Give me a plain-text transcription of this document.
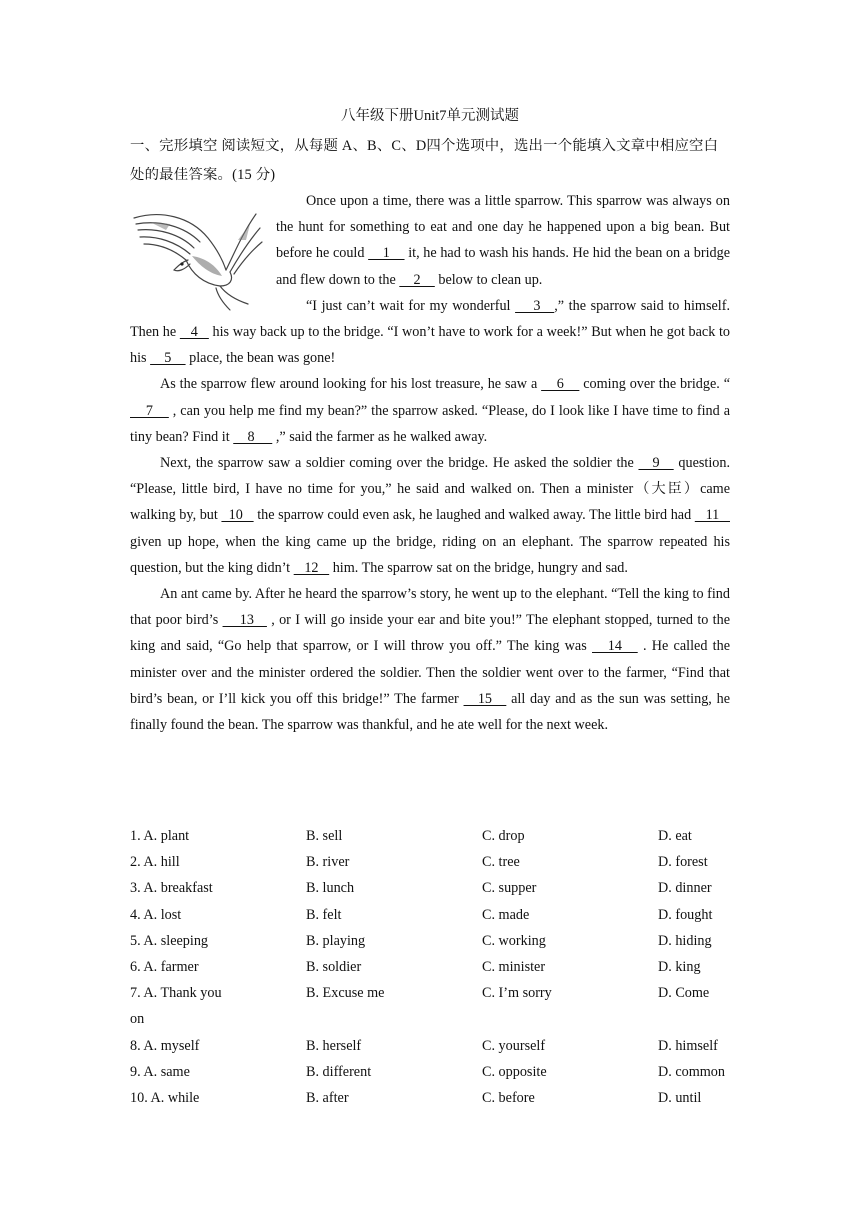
八年级下册Unit7单元测试题
一、完形填空 阅读短文，从每题 A、B、C、D四个选项中，选出一个能填入文章中相应空白处的最佳答案。(15 分)

Once upon a time, there was a little sparrow. This sparrow was always on the hunt for something to eat and one day he happened upon a big bean. But before he could     1     it, he had to wash his hands. He hid the bean on a bridge and flew down to the     2     below to clean up.

“I just can’t wait for my wonderful     3   ,” the sparrow said to himself. Then he    4    his way back up to the bridge. “I won’t have to work for a week!” But when he got back to his     5     place, the bean was gone!

As the sparrow flew around looking for his lost treasure, he saw a     6     coming over the bridge. “    7     , can you help me find my bean?” the sparrow asked. “Please, do I look like I have time to find a tiny bean? Find it     8      ,” said the farmer as he walked away.

Next, the sparrow saw a soldier coming over the bridge. He asked the soldier the    9    question. “Please, little bird, I have no time for you,” he said and walked on. Then a minister（大臣）came walking by, but   10    the sparrow could even ask, he laughed and walked away. The little bird had    11    given up hope, when the king came up the bridge, riding on an elephant. The sparrow repeated his question, but the king didn’t    12    him. The sparrow sat on the bridge, hungry and sad.

An ant came by. After he heard the sparrow’s story, he went up to the elephant. “Tell the king to find that poor bird’s     13    , or I will go inside your ear and bite you!” The elephant stopped, turned to the king and said, “Go help that sparrow, or I will throw you off.” The king was    14    . He called the minister over and the minister ordered the soldier. Then the soldier went over to the farmer, “Find that bird’s bean, or I’ll kick you off this bridge!” The farmer    15    all day and as the sun was setting, he finally found the bean. The sparrow was thankful, and he ate well for the next week.

1. A. plant	B. sell	C. drop	D. eat
2. A. hill	B. river	C. tree	D. forest
3. A. breakfast	B. lunch	C. supper	D. dinner
4. A. lost	B. felt	C. made	D. fought
5. A. sleeping	B. playing	C. working	D. hiding
6. A. farmer	B. soldier	C. minister	D. king
7. A. Thank you	B. Excuse me	C. I’m sorry	D. Come
on
8. A. myself	B. herself	C. yourself	D. himself
9. A. same	B. different	C. opposite	D. common
10. A. while	B. after	C. before	D. until
